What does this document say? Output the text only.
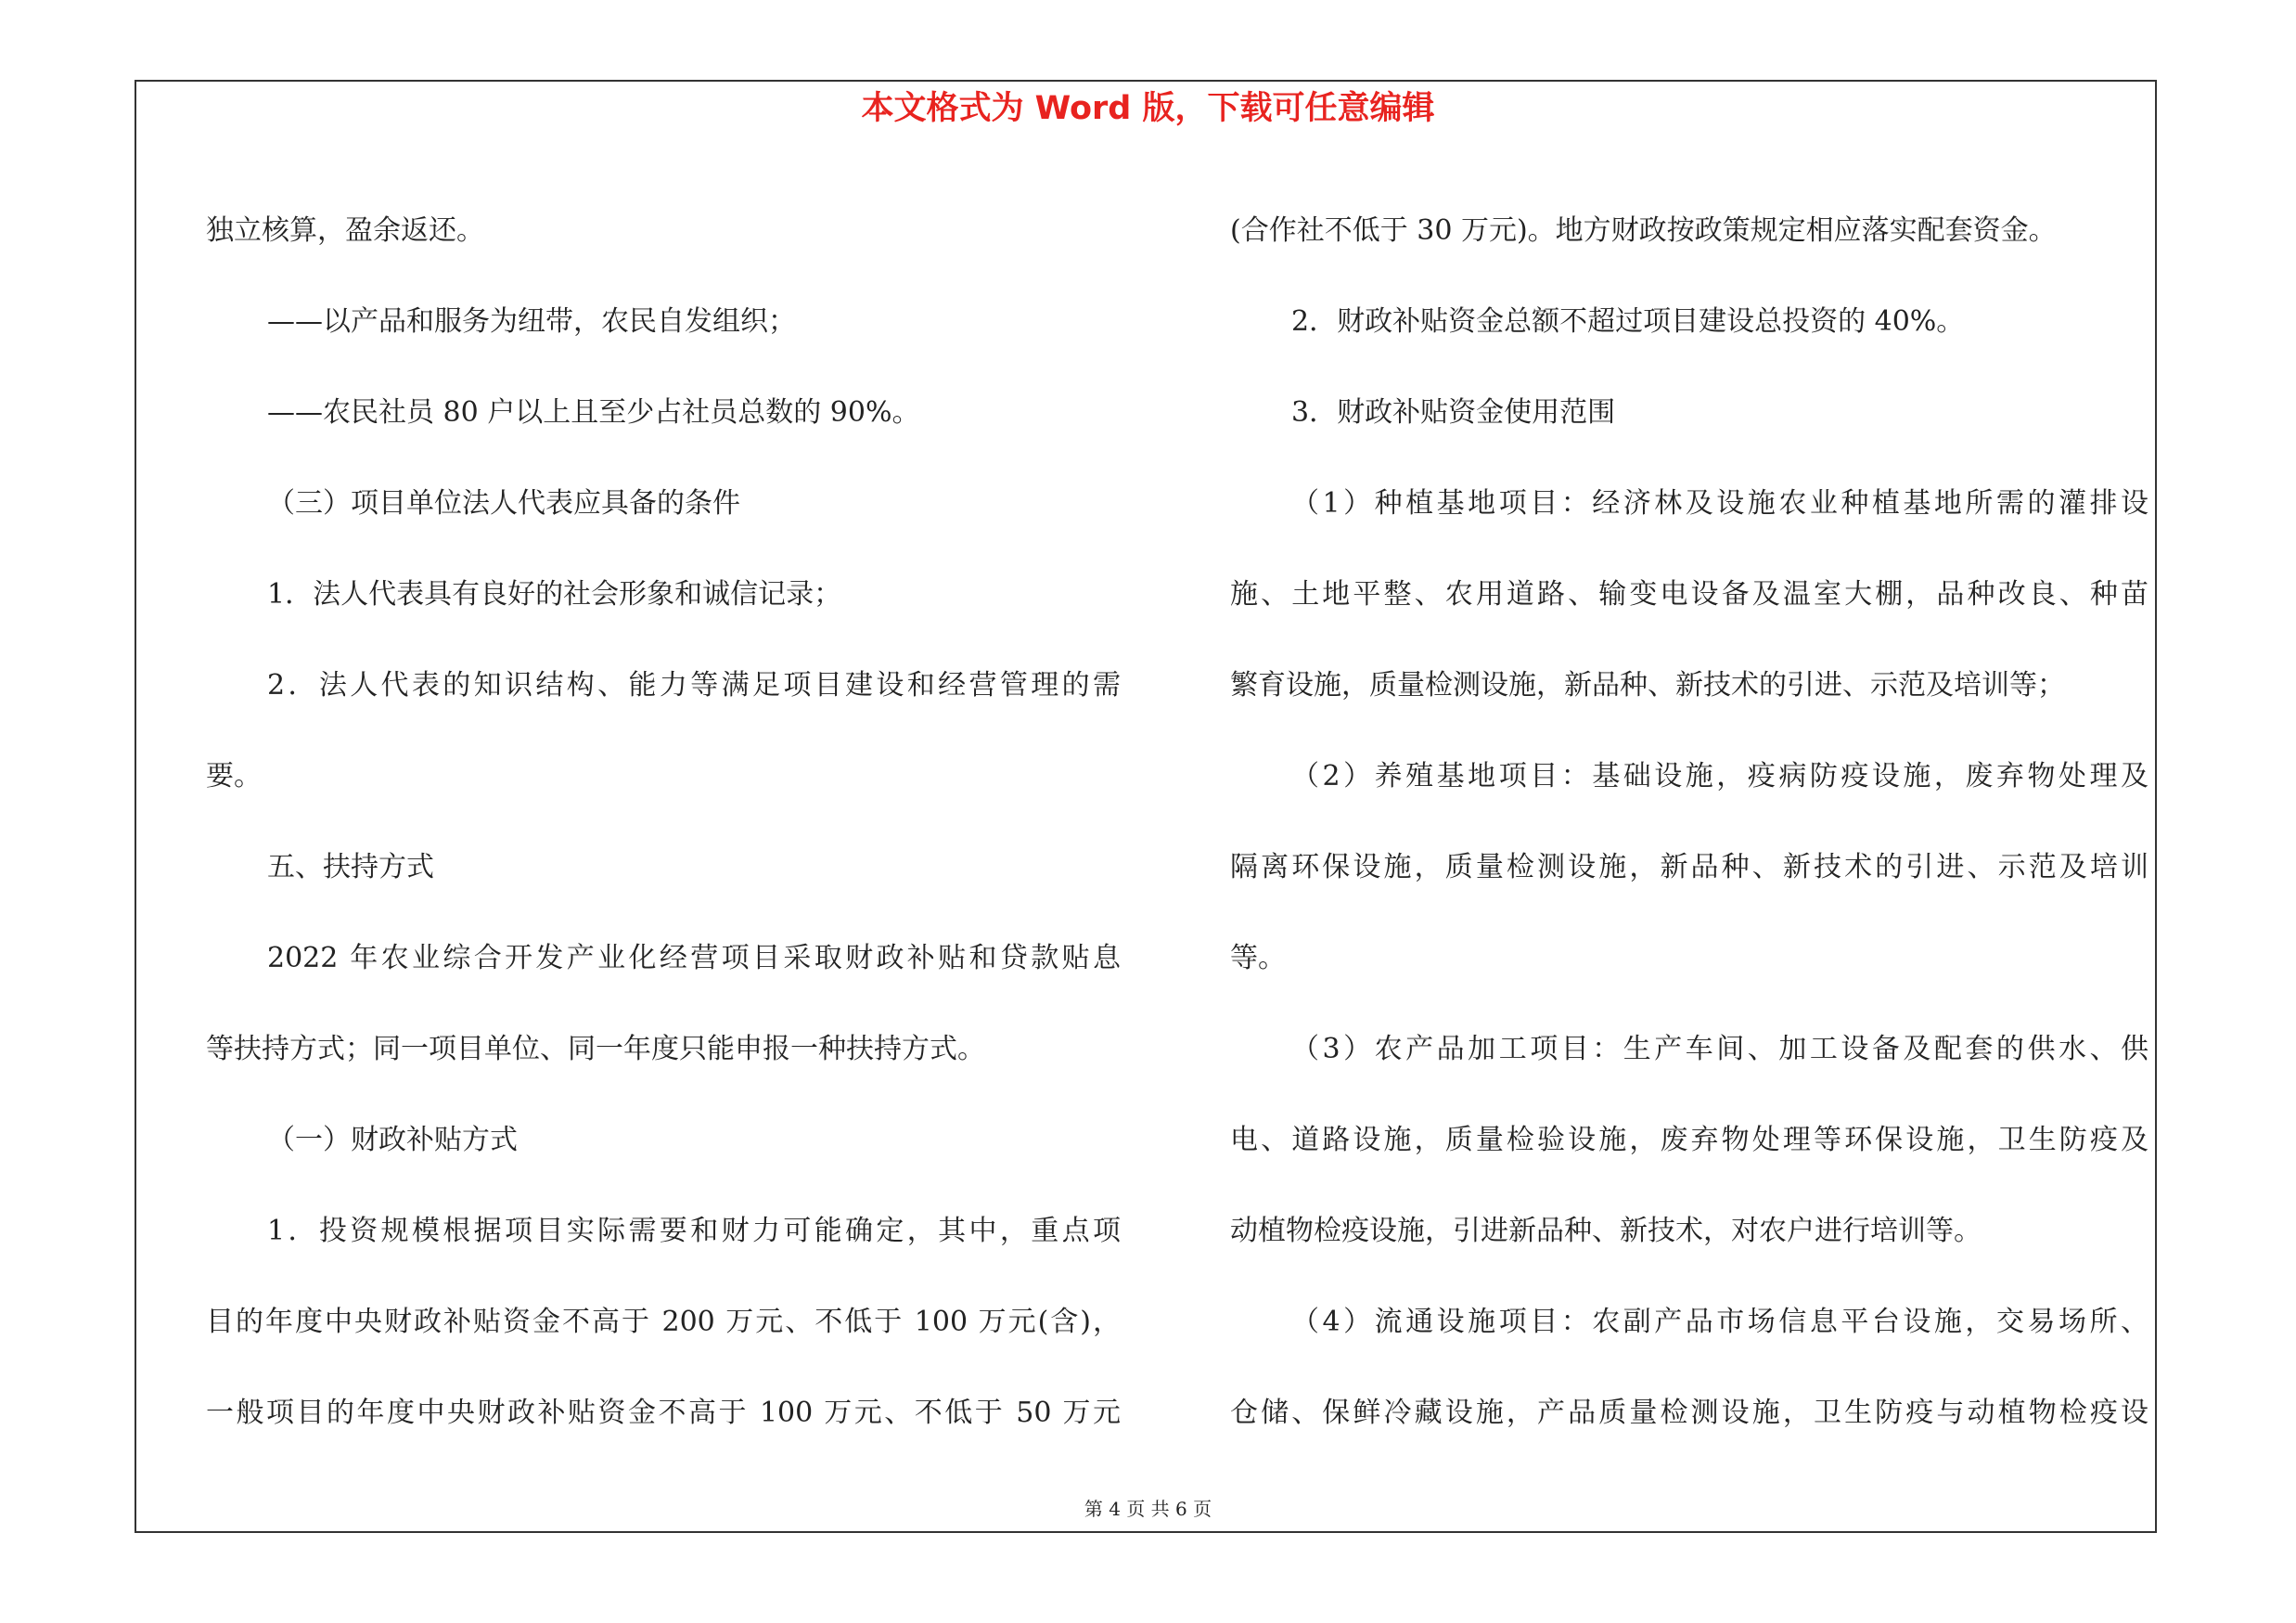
本文格式为 Word 版，下载可任意编辑

独立核算，盈余返还。

——以产品和服务为纽带，农民自发组织；

——农民社员 80 户以上且至少占社员总数的 90%。

（三）项目单位法人代表应具备的条件

1．法人代表具有良好的社会形象和诚信记录；

2．法人代表的知识结构、能力等满足项目建设和经营管理的需

要。

五、扶持方式

2022 年农业综合开发产业化经营项目采取财政补贴和贷款贴息

等扶持方式；同一项目单位、同一年度只能申报一种扶持方式。

（一）财政补贴方式

1．投资规模根据项目实际需要和财力可能确定，其中，重点项

目的年度中央财政补贴资金不高于 200 万元、不低于 100 万元(含)，

一般项目的年度中央财政补贴资金不高于 100 万元、不低于 50 万元

(合作社不低于 30 万元)。地方财政按政策规定相应落实配套资金。

2．财政补贴资金总额不超过项目建设总投资的 40%。

3．财政补贴资金使用范围

（1）种植基地项目：经济林及设施农业种植基地所需的灌排设

施、土地平整、农用道路、输变电设备及温室大棚，品种改良、种苗

繁育设施，质量检测设施，新品种、新技术的引进、示范及培训等；

（2）养殖基地项目：基础设施，疫病防疫设施，废弃物处理及

隔离环保设施，质量检测设施，新品种、新技术的引进、示范及培训

等。

（3）农产品加工项目：生产车间、加工设备及配套的供水、供

电、道路设施，质量检验设施，废弃物处理等环保设施，卫生防疫及

动植物检疫设施，引进新品种、新技术，对农户进行培训等。

（4）流通设施项目：农副产品市场信息平台设施，交易场所、

仓储、保鲜冷藏设施，产品质量检测设施，卫生防疫与动植物检疫设

第 4 页 共 6 页
